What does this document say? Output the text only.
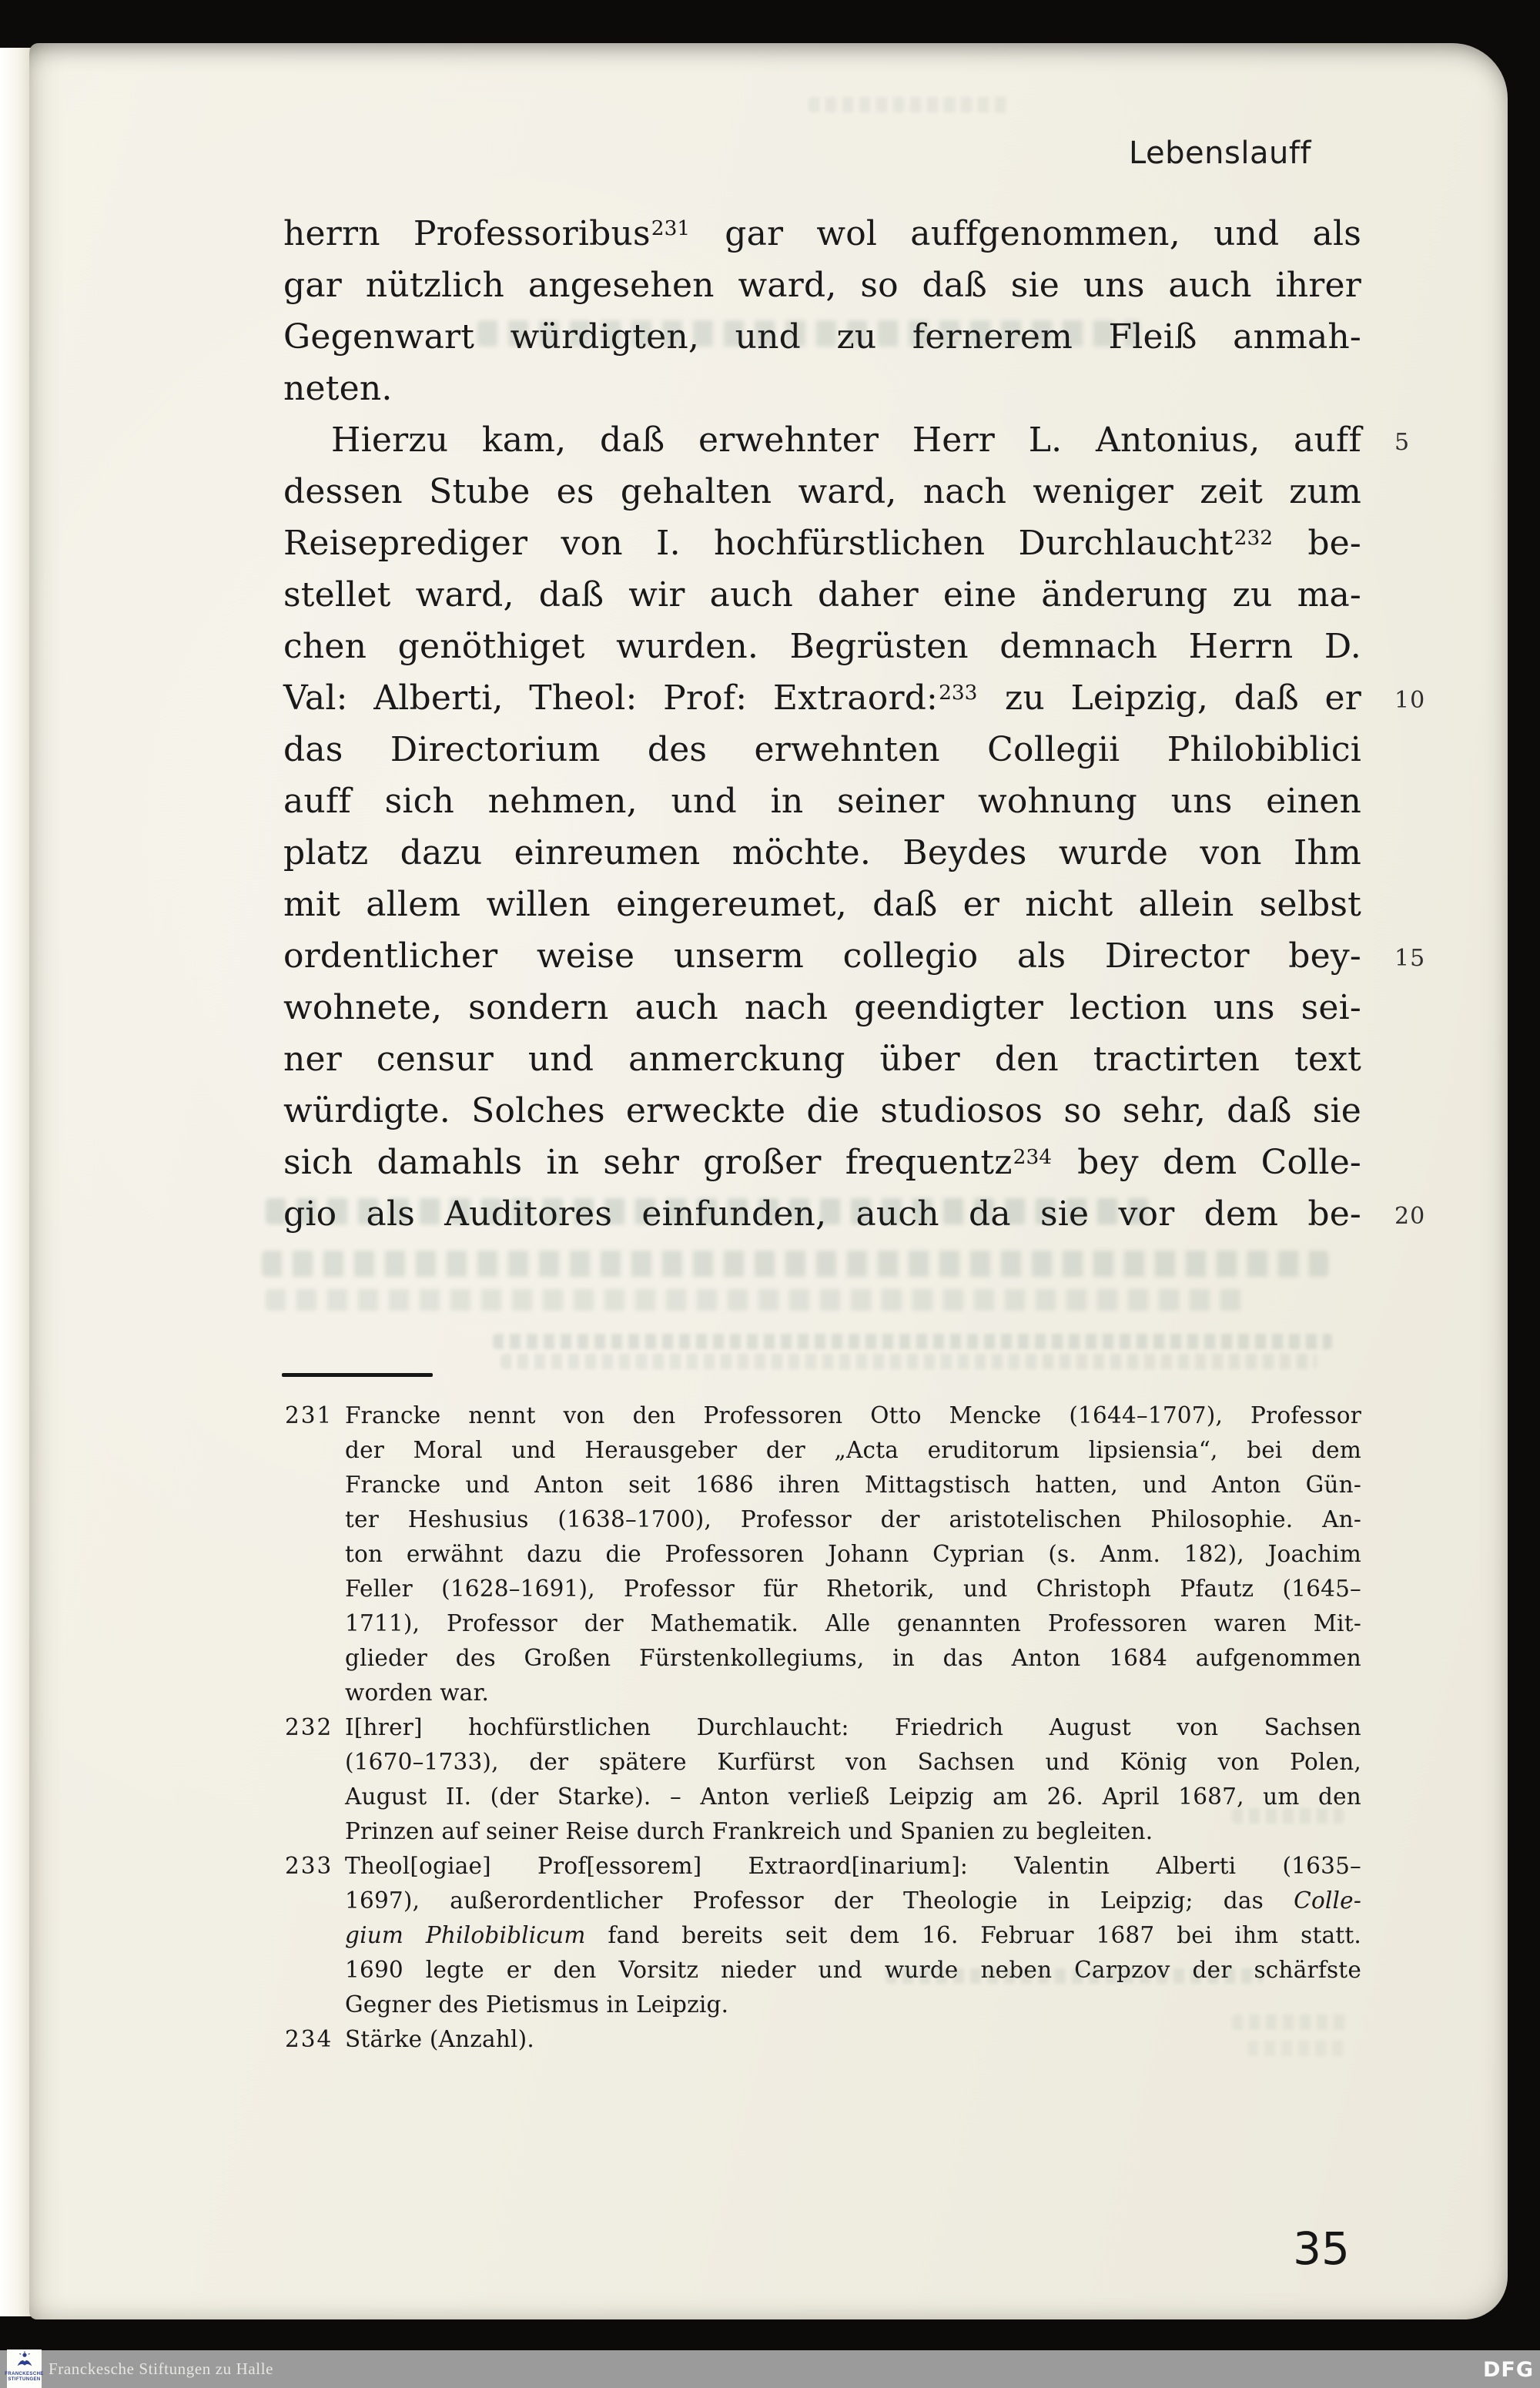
Lebenslauff
herrn Professoribus$^{231}$ gar wol auffgenommen, und als
gar nützlich angesehen ward, so daß sie uns auch ihrer
Gegenwart würdigten, und zu fernerem Fleiß anmah-
neten.
Hierzu kam, daß erwehnter Herr L. Antonius, auff
dessen Stube es gehalten ward, nach weniger zeit zum
Reiseprediger von I. hochfürstlichen Durchlaucht$^{232}$ be-
stellet ward, daß wir auch daher eine änderung zu ma-
chen genöthiget wurden. Begrüsten demnach Herrn D.
Val: Alberti, Theol: Prof: Extraord:$^{233}$ zu Leipzig, daß er
das Directorium des erwehnten Collegii Philobiblici
auff sich nehmen, und in seiner wohnung uns einen
platz dazu einreumen möchte. Beydes wurde von Ihm
mit allem willen eingereumet, daß er nicht allein selbst
ordentlicher weise unserm collegio als Director bey-
wohnete, sondern auch nach geendigter lection uns sei-
ner censur und anmerckung über den tractirten text
würdigte. Solches erweckte die studiosos so sehr, daß sie
sich damahls in sehr großer frequentz$^{234}$ bey dem Colle-
gio als Auditores einfunden, auch da sie vor dem be-
5
10
15
20
231 Francke nennt von den Professoren Otto Mencke (1644–1707), Professor
der Moral und Herausgeber der „Acta eruditorum lipsiensia“, bei dem
Francke und Anton seit 1686 ihren Mittagstisch hatten, und Anton Gün-
ter Heshusius (1638–1700), Professor der aristotelischen Philosophie. An-
ton erwähnt dazu die Professoren Johann Cyprian (s. Anm. 182), Joachim
Feller (1628–1691), Professor für Rhetorik, und Christoph Pfautz (1645–
1711), Professor der Mathematik. Alle genannten Professoren waren Mit-
glieder des Großen Fürstenkollegiums, in das Anton 1684 aufgenommen
worden war.
232 I[hrer] hochfürstlichen Durchlaucht: Friedrich August von Sachsen
(1670–1733), der spätere Kurfürst von Sachsen und König von Polen,
August II. (der Starke). – Anton verließ Leipzig am 26. April 1687, um den
Prinzen auf seiner Reise durch Frankreich und Spanien zu begleiten.
233 Theol[ogiae] Prof[essorem] Extraord[inarium]: Valentin Alberti (1635–
1697), außerordentlicher Professor der Theologie in Leipzig; das Colle-
gium Philobiblicum fand bereits seit dem 16. Februar 1687 bei ihm statt.
1690 legte er den Vorsitz nieder und wurde neben Carpzov der schärfste
Gegner des Pietismus in Leipzig.
234 Stärke (Anzahl).
35
FRANCKESCHE
STIFTUNGEN
Franckesche Stiftungen zu Halle	DFG
